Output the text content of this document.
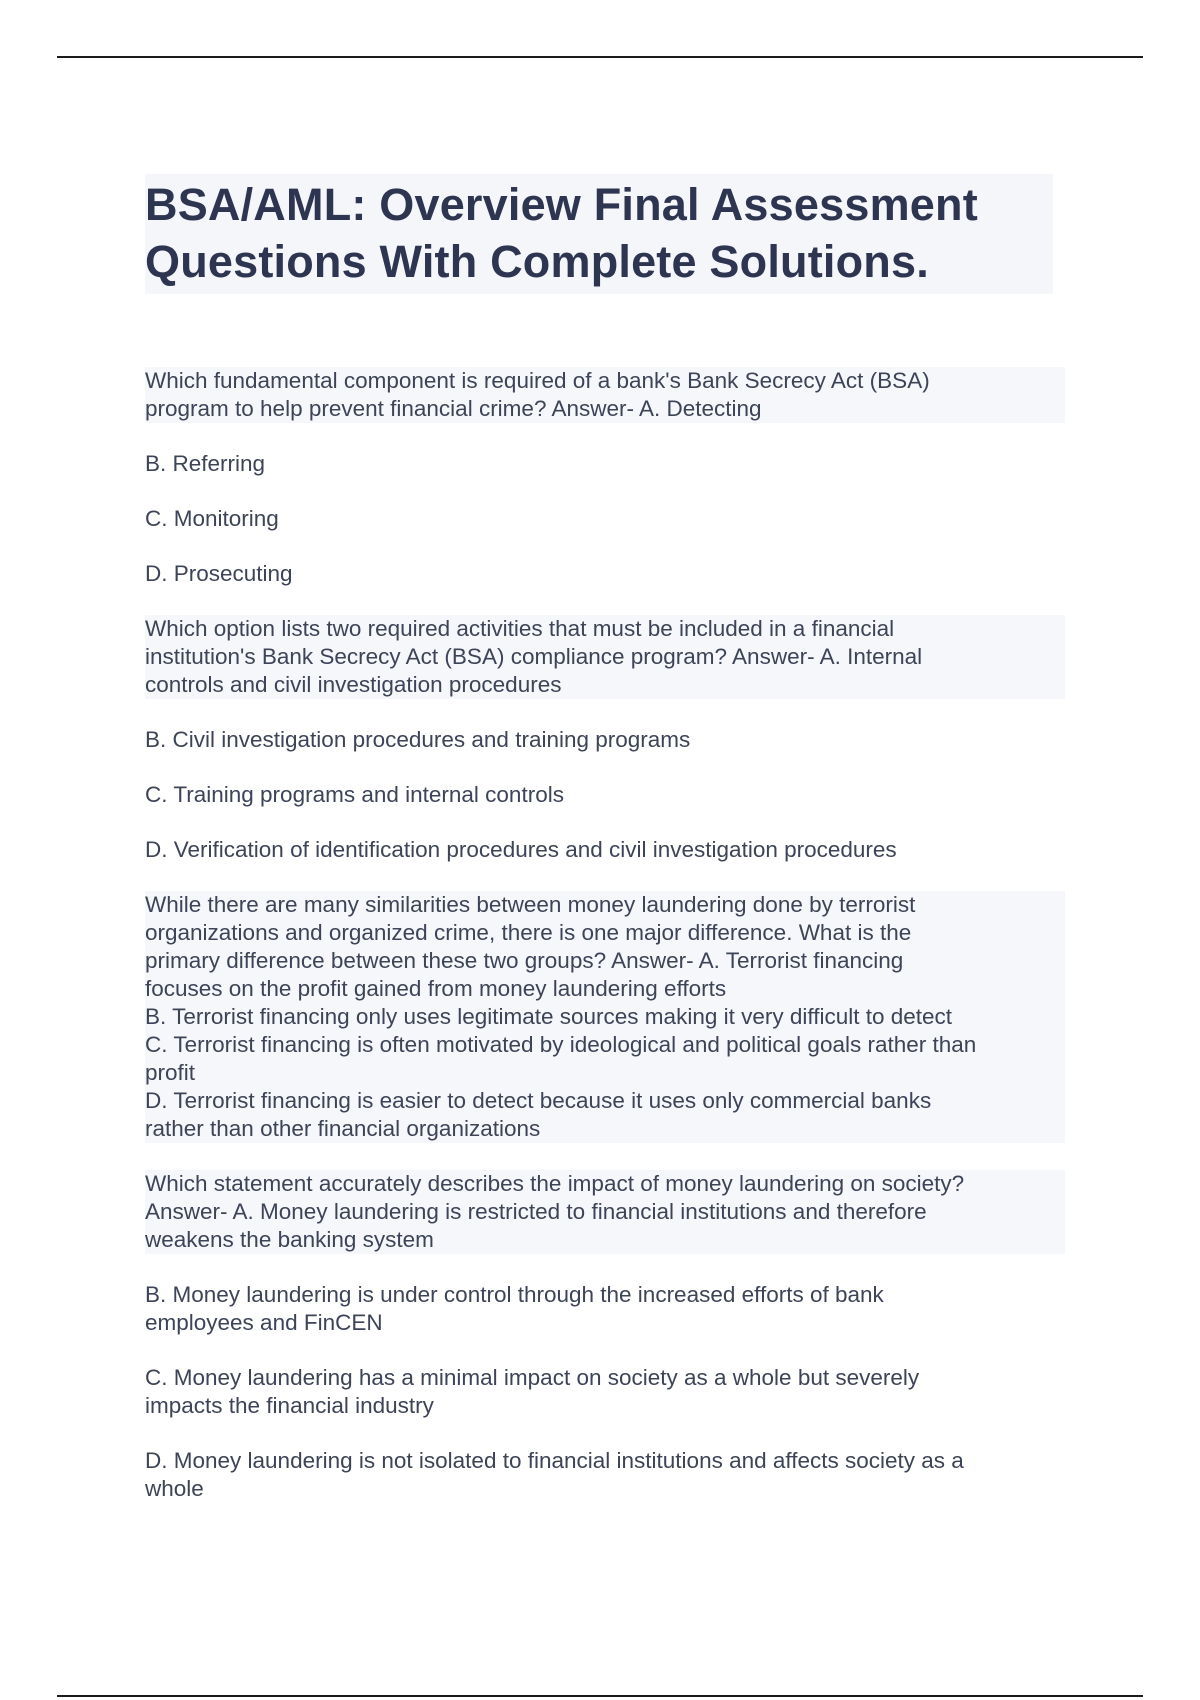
BSA/AML: Overview Final Assessment
Questions With Complete Solutions.

Which fundamental component is required of a bank's Bank Secrecy Act (BSA)
program to help prevent financial crime? Answer- A. Detecting

B. Referring

C. Monitoring

D. Prosecuting

Which option lists two required activities that must be included in a financial
institution's Bank Secrecy Act (BSA) compliance program? Answer- A. Internal
controls and civil investigation procedures

B. Civil investigation procedures and training programs

C. Training programs and internal controls

D. Verification of identification procedures and civil investigation procedures

While there are many similarities between money laundering done by terrorist
organizations and organized crime, there is one major difference. What is the
primary difference between these two groups? Answer- A. Terrorist financing
focuses on the profit gained from money laundering efforts
B. Terrorist financing only uses legitimate sources making it very difficult to detect
C. Terrorist financing is often motivated by ideological and political goals rather than
profit
D. Terrorist financing is easier to detect because it uses only commercial banks
rather than other financial organizations

Which statement accurately describes the impact of money laundering on society?
Answer- A. Money laundering is restricted to financial institutions and therefore
weakens the banking system

B. Money laundering is under control through the increased efforts of bank
employees and FinCEN

C. Money laundering has a minimal impact on society as a whole but severely
impacts the financial industry

D. Money laundering is not isolated to financial institutions and affects society as a
whole
